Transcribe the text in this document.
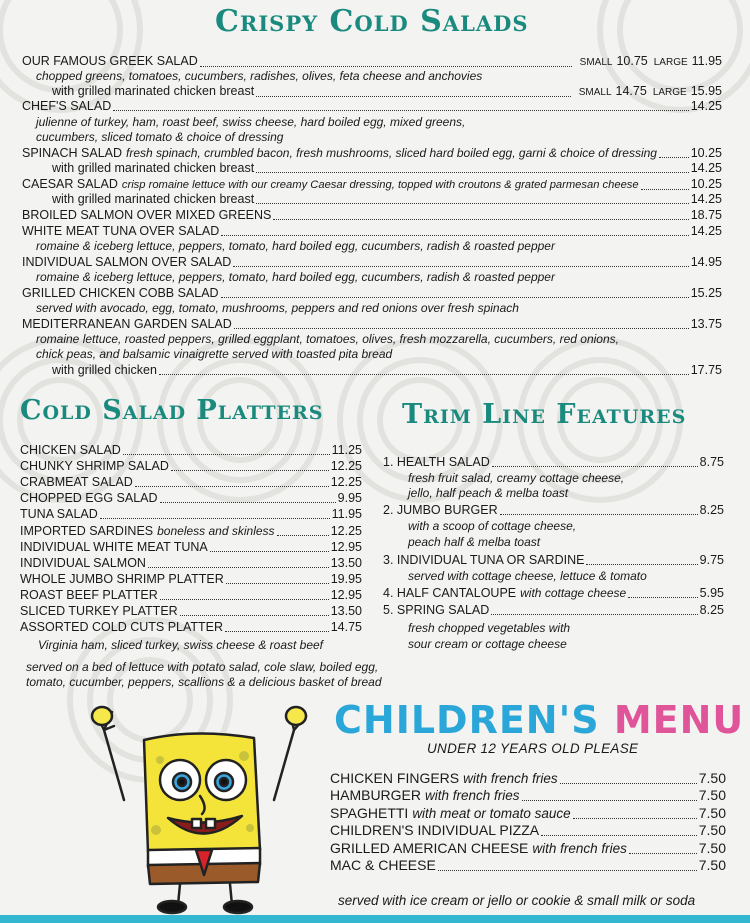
Crispy Cold Salads
OUR FAMOUS GREEK SALAD	SMALL 10.75 LARGE 11.95
chopped greens, tomatoes, cucumbers, radishes, olives, feta cheese and anchovies
with grilled marinated chicken breast	SMALL 14.75 LARGE 15.95
CHEF'S SALAD	14.25
julienne of turkey, ham, roast beef, swiss cheese, hard boiled egg, mixed greens,
cucumbers, sliced tomato & choice of dressing
SPINACH SALAD fresh spinach, crumbled bacon, fresh mushrooms, sliced hard boiled egg, garni & choice of dressing	10.25
with grilled marinated chicken breast	14.25
CAESAR SALAD crisp romaine lettuce with our creamy Caesar dressing, topped with croutons & grated parmesan cheese	10.25
with grilled marinated chicken breast	14.25
BROILED SALMON OVER MIXED GREENS	18.75
WHITE MEAT TUNA OVER SALAD	14.25
romaine & iceberg lettuce, peppers, tomato, hard boiled egg, cucumbers, radish & roasted pepper
INDIVIDUAL SALMON OVER SALAD	14.95
romaine & iceberg lettuce, peppers, tomato, hard boiled egg, cucumbers, radish & roasted pepper
GRILLED CHICKEN COBB SALAD	15.25
served with avocado, egg, tomato, mushrooms, peppers and red onions over fresh spinach
MEDITERRANEAN GARDEN SALAD	13.75
romaine lettuce, roasted peppers, grilled eggplant, tomatoes, olives, fresh mozzarella, cucumbers, red onions,
chick peas, and balsamic vinaigrette served with toasted pita bread
with grilled chicken	17.75
Cold Salad Platters
CHICKEN SALAD	11.25
CHUNKY SHRIMP SALAD	12.25
CRABMEAT SALAD	12.25
CHOPPED EGG SALAD	9.95
TUNA SALAD	11.95
IMPORTED SARDINES boneless and skinless	12.25
INDIVIDUAL WHITE MEAT TUNA	12.95
INDIVIDUAL SALMON	13.50
WHOLE JUMBO SHRIMP PLATTER	19.95
ROAST BEEF PLATTER	12.95
SLICED TURKEY PLATTER	13.50
ASSORTED COLD CUTS PLATTER	14.75
Virginia ham, sliced turkey, swiss cheese & roast beef
served on a bed of lettuce with potato salad, cole slaw, boiled egg,
tomato, cucumber, peppers, scallions & a delicious basket of bread
Trim Line Features
1. HEALTH SALAD	8.75
fresh fruit salad, creamy cottage cheese,
jello, half peach & melba toast
2. JUMBO BURGER	8.25
with a scoop of cottage cheese,
peach half & melba toast
3. INDIVIDUAL TUNA OR SARDINE	9.75
served with cottage cheese, lettuce & tomato
4. HALF CANTALOUPE with cottage cheese	5.95
5. SPRING SALAD	8.25
fresh chopped vegetables with
sour cream or cottage cheese
CHILDREN'S MENU
UNDER 12 YEARS OLD PLEASE
CHICKEN FINGERS with french fries	7.50
HAMBURGER with french fries	7.50
SPAGHETTI with meat or tomato sauce	7.50
CHILDREN'S INDIVIDUAL PIZZA	7.50
GRILLED AMERICAN CHEESE with french fries	7.50
MAC & CHEESE	7.50
served with ice cream or jello or cookie & small milk or soda
